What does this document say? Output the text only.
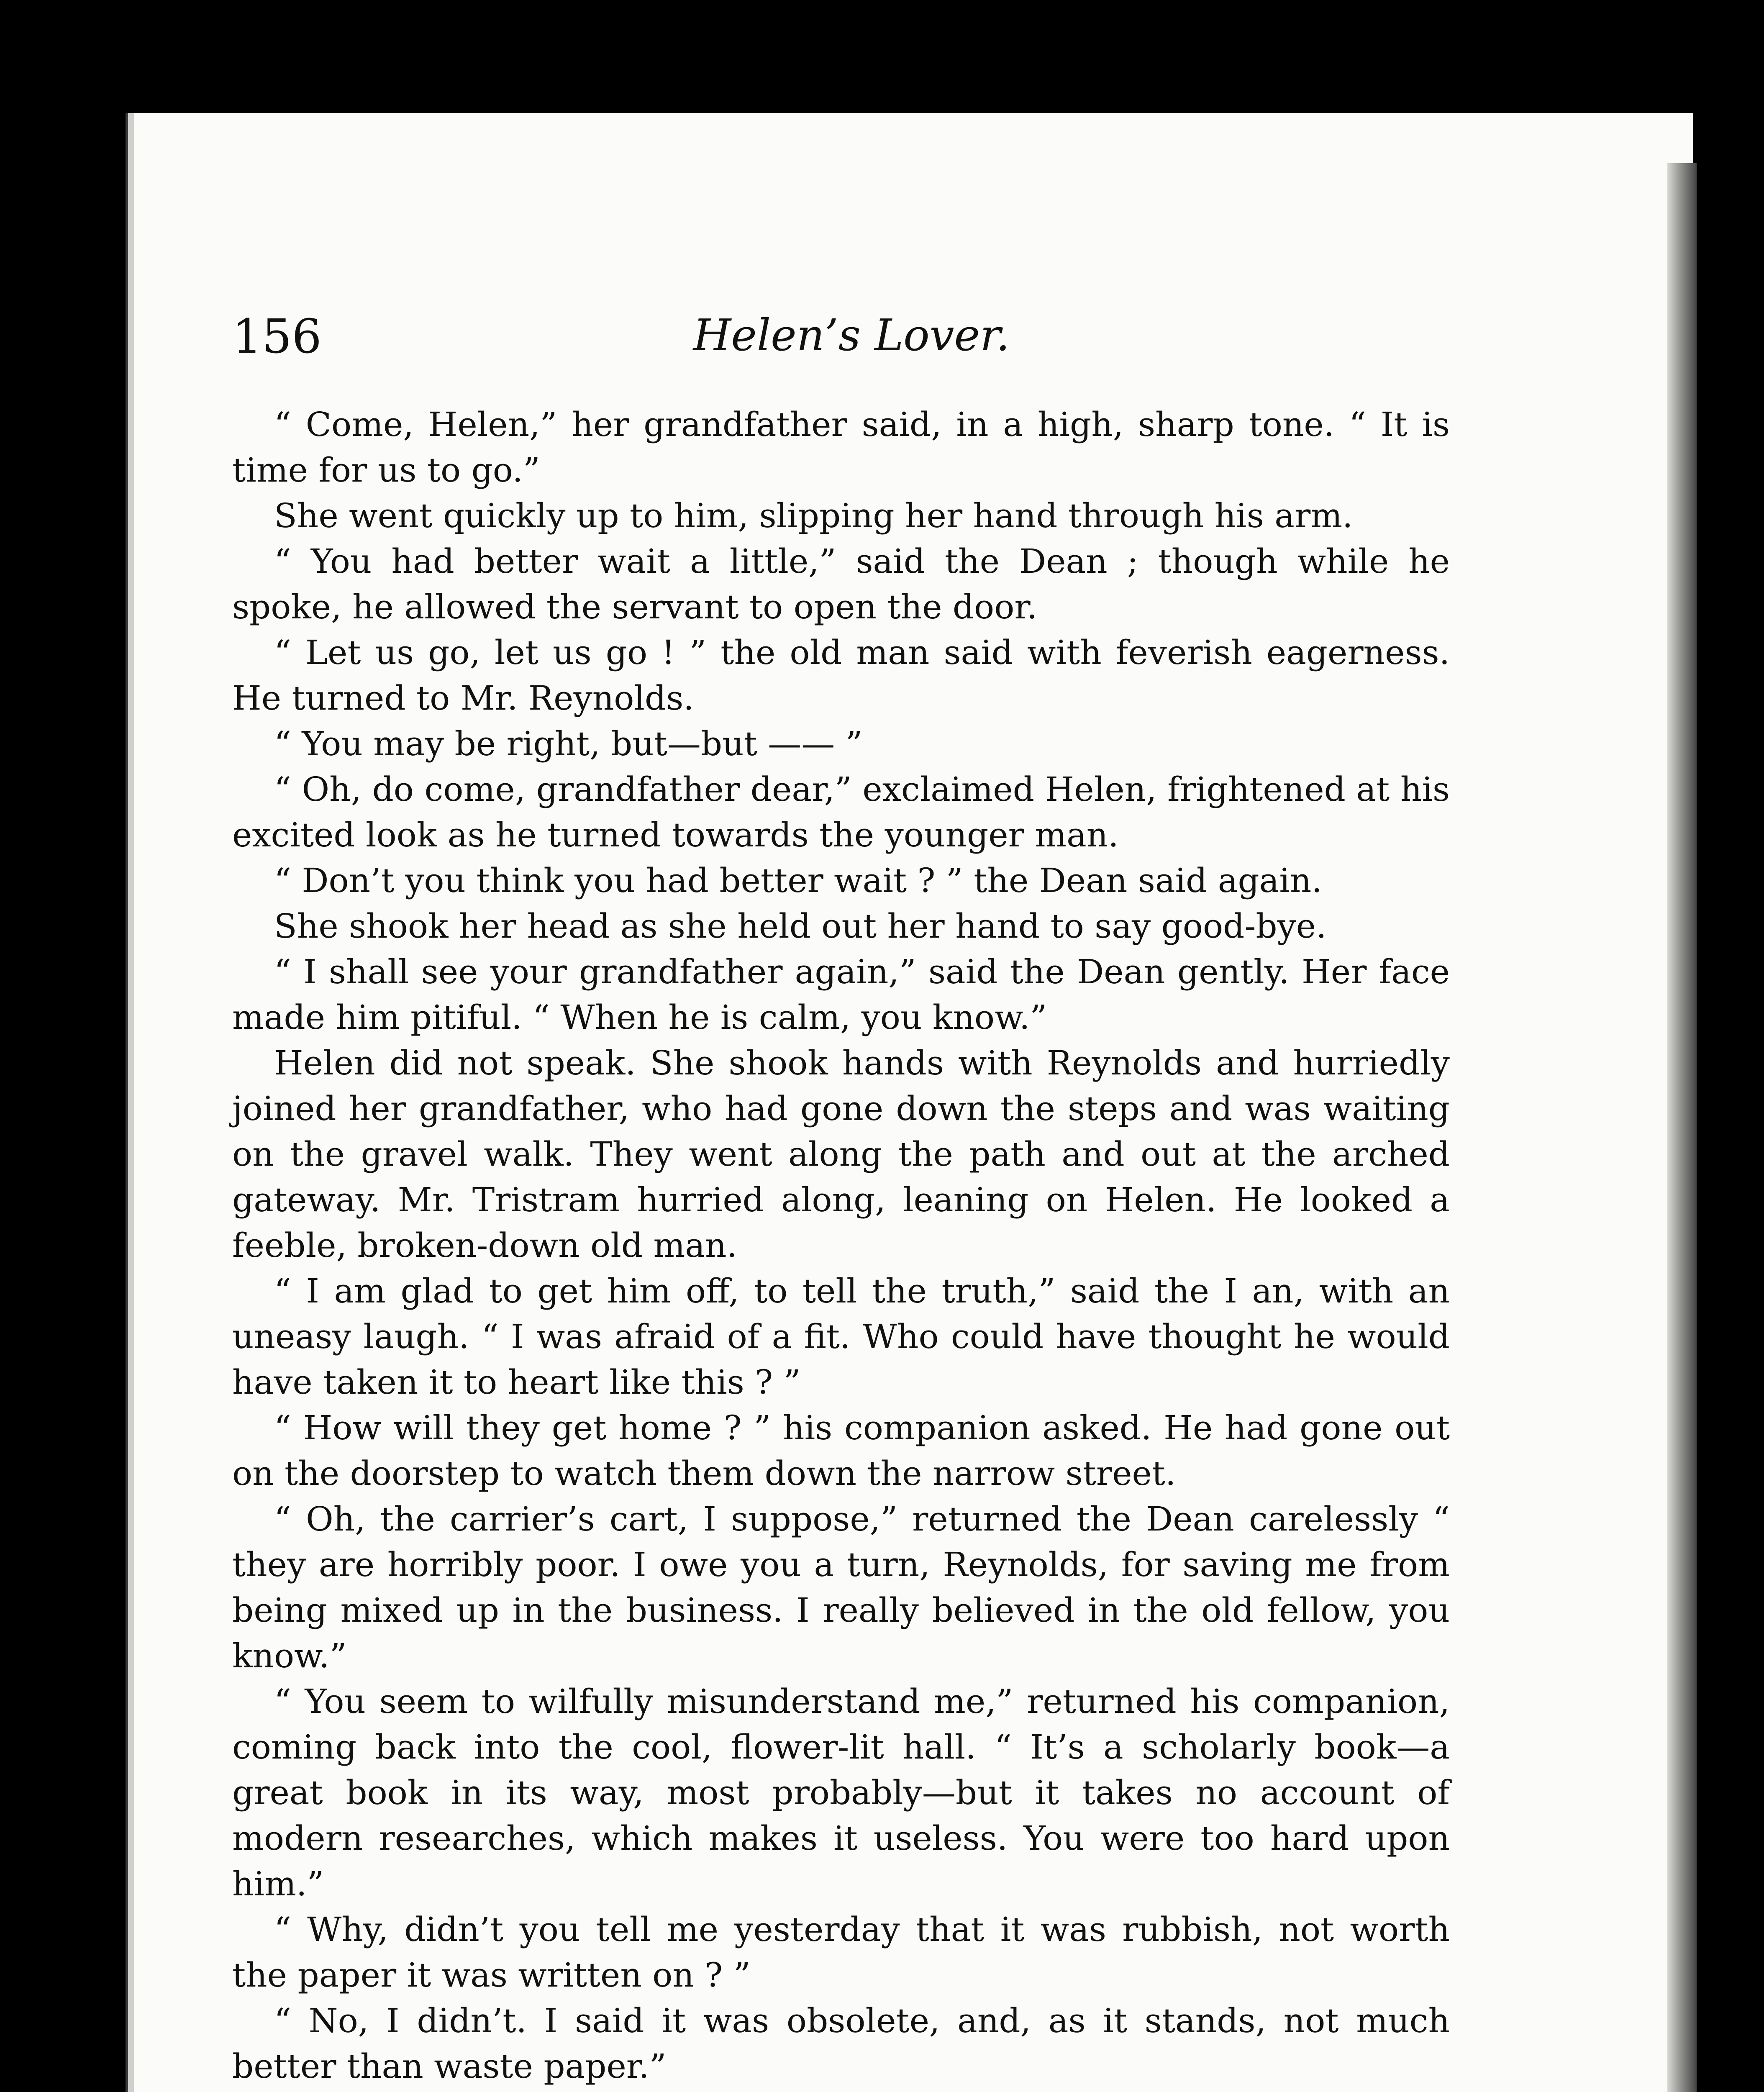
156	Helen’s Lover.

“ Come, Helen,” her grandfather said, in a high, sharp tone. “ It is time for us to go.”

She went quickly up to him, slipping her hand through his arm.

“ You had better wait a little,” said the Dean ; though while he spoke, he allowed the servant to open the door.

“ Let us go, let us go ! ” the old man said with feverish eagerness. He turned to Mr. Reynolds.

“ You may be right, but—but —— ”

“ Oh, do come, grandfather dear,” exclaimed Helen, frightened at his excited look as he turned towards the younger man.

“ Don’t you think you had better wait ? ” the Dean said again.

She shook her head as she held out her hand to say good-bye.

“ I shall see your grandfather again,” said the Dean gently. Her face made him pitiful. “ When he is calm, you know.”

Helen did not speak. She shook hands with Reynolds and hurriedly joined her grandfather, who had gone down the steps and was waiting on the gravel walk. They went along the path and out at the arched gateway. Mr. Tristram hurried along, leaning on Helen. He looked a feeble, broken-down old man.

“ I am glad to get him off, to tell the truth,” said the I an, with an uneasy laugh. “ I was afraid of a fit. Who could have thought he would have taken it to heart like this ? ”

“ How will they get home ? ” his companion asked. He had gone out on the doorstep to watch them down the narrow street.

“ Oh, the carrier’s cart, I suppose,” returned the Dean carelessly “ they are horribly poor. I owe you a turn, Reynolds, for saving me from being mixed up in the business. I really believed in the old fellow, you know.”

“ You seem to wilfully misunderstand me,” returned his companion, coming back into the cool, flower-lit hall. “ It’s a scholarly book—a great book in its way, most probably—but it takes no account of modern researches, which makes it useless. You were too hard upon him.”

“ Why, didn’t you tell me yesterday that it was rubbish, not worth the paper it was written on ? ”

“ No, I didn’t. I said it was obsolete, and, as it stands, not much better than waste paper.”
